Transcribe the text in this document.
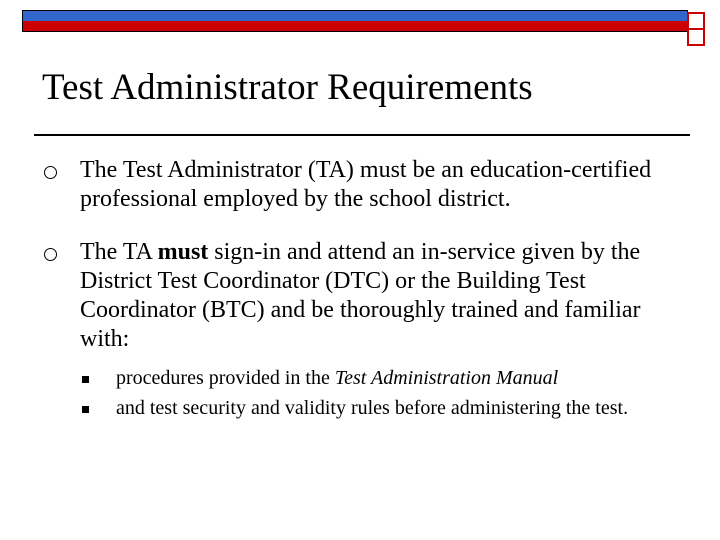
Test Administrator Requirements
The Test Administrator (TA) must be an education-certified professional employed by the school district.
The TA must sign-in and attend an in-service given by the District Test Coordinator (DTC) or the Building Test Coordinator (BTC) and be thoroughly trained and familiar with:
procedures provided in the Test Administration Manual
and test security and validity rules before administering the test.
